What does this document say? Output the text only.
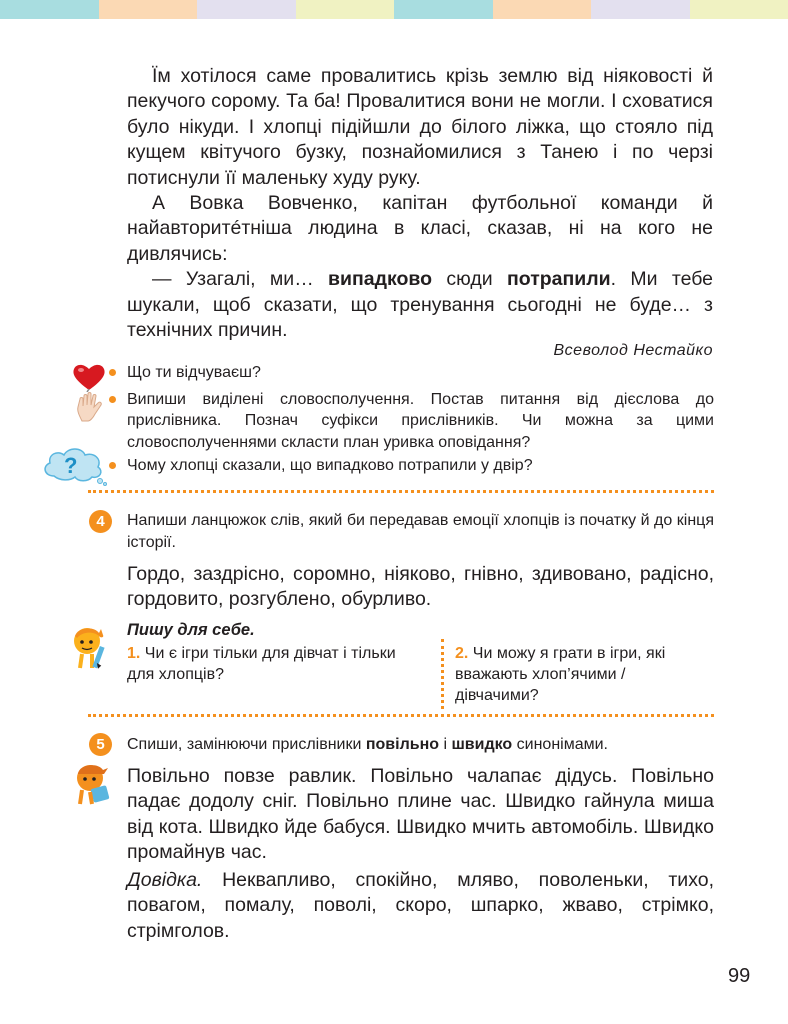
Їм хотілося саме провалитись крізь землю від ніяковості й пекучого сорому. Та ба! Провалитися вони не могли. І сховатися було нікуди. І хлопці підійшли до білого ліжка, що стояло під кущем квітучого бузку, познайомилися з Танею і по черзі потиснули її маленьку худу руку.

А Вовка Вовченко, капітан футбольної команди й найавторитéтніша людина в класі, сказав, ні на кого не дивлячись:

— Узагалі, ми… випадково сюди потрапили. Ми тебе шукали, щоб сказати, що тренування сьогодні не буде… з технічних причин.

Всеволод Нестайко
?
Що ти відчуваєш?
Випиши виділені словосполучення. Постав питання від дієслова до прислівника. Познач суфікси прислівників. Чи можна за цими словосполученнями скласти план уривка оповідання?
Чому хлопці сказали, що випадково потрапили у двір?
4	Напиши ланцюжок слів, який би передавав емоції хлопців із початку й до кінця історії.
Гордо, заздрісно, соромно, ніяково, гнівно, здивовано, радісно, гордовито, розгублено, обурливо.
Пишу для себе.
1. Чи є ігри тільки для дівчат і тільки для хлопців?
2. Чи можу я грати в ігри, які вважають хлоп’ячими / дівчачими?
5	Спиши, замінюючи прислівники повільно і швидко синонімами.
Повільно повзе равлик. Повільно чалапає дідусь. Повільно падає додолу сніг. Повільно плине час. Швидко гайнула миша від кота. Швидко йде бабуся. Швидко мчить автомобіль. Швидко промайнув час.
Довідка. Неквапливо, спокійно, мляво, поволеньки, тихо, повагом, помалу, поволі, скоро, шпарко, жваво, стрімко, стрімголов.
99
